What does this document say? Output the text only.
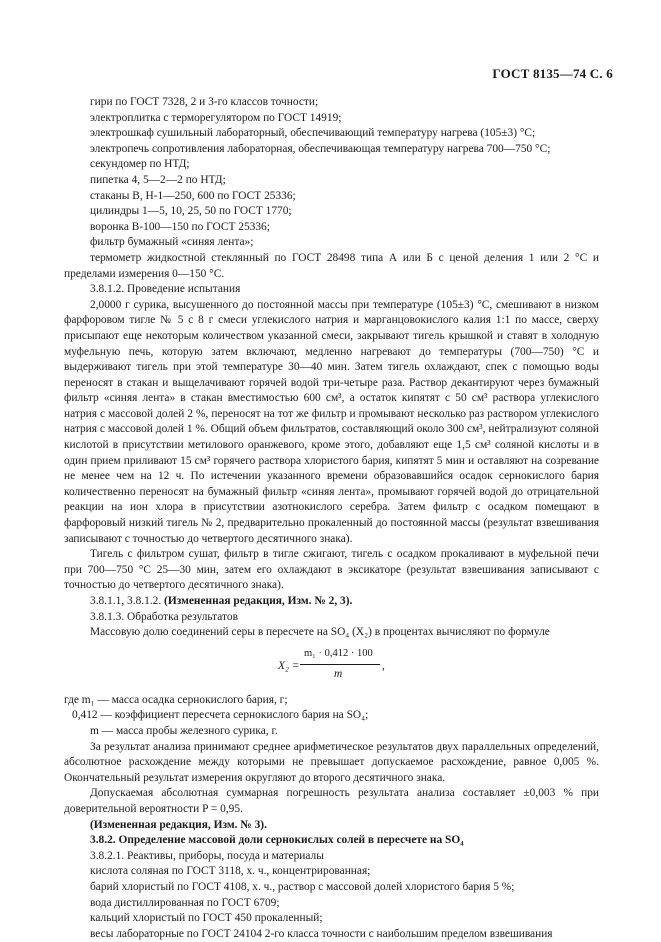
ГОСТ 8135—74 С. 6

гири по ГОСТ 7328, 2 и 3-го классов точности;

электроплитка с терморегулятором по ГОСТ 14919;

электрошкаф сушильный лабораторный, обеспечивающий температуру нагрева (105±3) °С;

электропечь сопротивления лабораторная, обеспечивающая температуру нагрева 700—750 °С;

секундомер по НТД;

пипетка 4, 5—2—2 по НТД;

стаканы В, Н-1—250, 600 по ГОСТ 25336;

цилиндры 1—5, 10, 25, 50 по ГОСТ 1770;

воронка В-100—150 по ГОСТ 25336;

фильтр бумажный «синяя лента»;

термометр жидкостной стеклянный по ГОСТ 28498 типа А или Б с ценой деления 1 или 2 °С и пределами измерения 0—150 °С.

3.8.1.2. Проведение испытания

2,0000 г сурика, высушенного до постоянной массы при температуре (105±3) °С, смешивают в низком фарфоровом тигле № 5 с 8 г смеси углекислого натрия и марганцовокислого калия 1:1 по массе, сверху присыпают еще некоторым количеством указанной смеси, закрывают тигель крышкой и ставят в холодную муфельную печь, которую затем включают, медленно нагревают до температуры (700—750) °С и выдерживают тигель при этой температуре 30—40 мин. Затем тигель охлаждают, спек с помощью воды переносят в стакан и выщелачивают горячей водой три-четыре раза. Раствор декантируют через бумажный фильтр «синяя лента» в стакан вместимостью 600 см³, а остаток кипятят с 50 см³ раствора углекислого натрия с массовой долей 2 %, переносят на тот же фильтр и промывают несколько раз раствором углекислого натрия с массовой долей 1 %. Общий объем фильтратов, составляющий около 300 см³, нейтрализуют соляной кислотой в присутствии метилового оранжевого, кроме этого, добавляют еще 1,5 см³ соляной кислоты и в один прием приливают 15 см³ горячего раствора хлористого бария, кипятят 5 мин и оставляют на созревание не менее чем на 12 ч. По истечении указанного времени образовавшийся осадок сернокислого бария количественно переносят на бумажный фильтр «синяя лента», промывают горячей водой до отрицательной реакции на ион хлора в присутствии азотнокислого серебра. Затем фильтр с осадком помещают в фарфоровый низкий тигель № 2, предварительно прокаленный до постоянной массы (результат взвешивания записывают с точностью до четвертого десятичного знака).

Тигель с фильтром сушат, фильтр в тигле сжигают, тигель с осадком прокаливают в муфельной печи при 700—750 °С 25—30 мин, затем его охлаждают в эксикаторе (результат взвешивания записывают с точностью до четвертого десятичного знака).

3.8.1.1, 3.8.1.2. (Измененная редакция, Изм. № 2, 3).

3.8.1.3. Обработка результатов

Массовую долю соединений серы в пересчете на SO₄ (X₂) в процентах вычисляют по формуле

X₂ =
m₁ · 0,412 · 100
m
,

где m₁ — масса осадка сернокислого бария, г;

0,412 — коэффициент пересчета сернокислого бария на SO₄;

m — масса пробы железного сурика, г.

За результат анализа принимают среднее арифметическое результатов двух параллельных определений, абсолютное расхождение между которыми не превышает допускаемое расхождение, равное 0,005 %. Окончательный результат измерения округляют до второго десятичного знака.

Допускаемая абсолютная суммарная погрешность результата анализа составляет ±0,003 % при доверительной вероятности P = 0,95.

(Измененная редакция, Изм. № 3).

3.8.2. Определение массовой доли сернокислых солей в пересчете на SO₄

3.8.2.1. Реактивы, приборы, посуда и материалы

кислота соляная по ГОСТ 3118, х. ч., концентрированная;

барий хлористый по ГОСТ 4108, х. ч., раствор с массовой долей хлористого бария 5 %;

вода дистиллированная по ГОСТ 6709;

кальций хлористый по ГОСТ 450 прокаленный;

весы лабораторные по ГОСТ 24104 2-го класса точности с наибольшим пределом взвешивания
